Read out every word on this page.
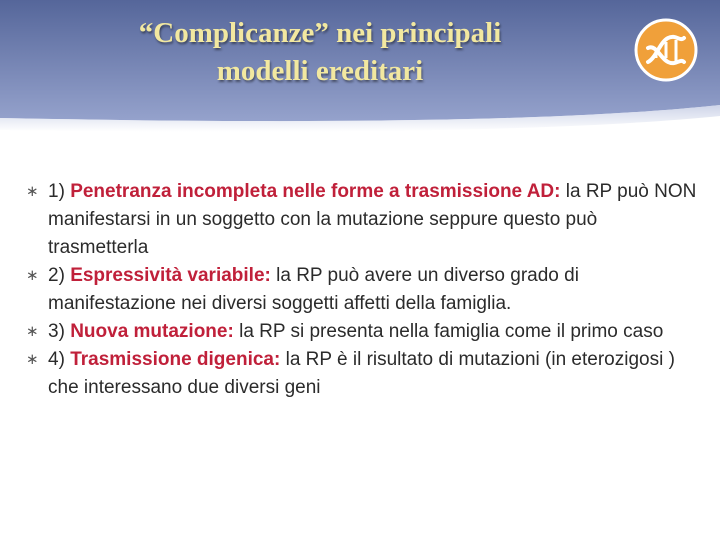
“Complicanze” nei principali
modelli ereditari
∗ 1) Penetranza incompleta nelle forme a trasmissione AD: la RP può NON manifestarsi in un soggetto con la mutazione seppure questo può trasmetterla
∗ 2) Espressività variabile: la RP può avere un diverso grado di manifestazione nei diversi soggetti affetti della famiglia.
∗ 3) Nuova mutazione: la RP si presenta nella famiglia come il primo caso
∗ 4) Trasmissione digenica: la RP è il risultato di mutazioni (in eterozigosi ) che interessano due diversi geni
